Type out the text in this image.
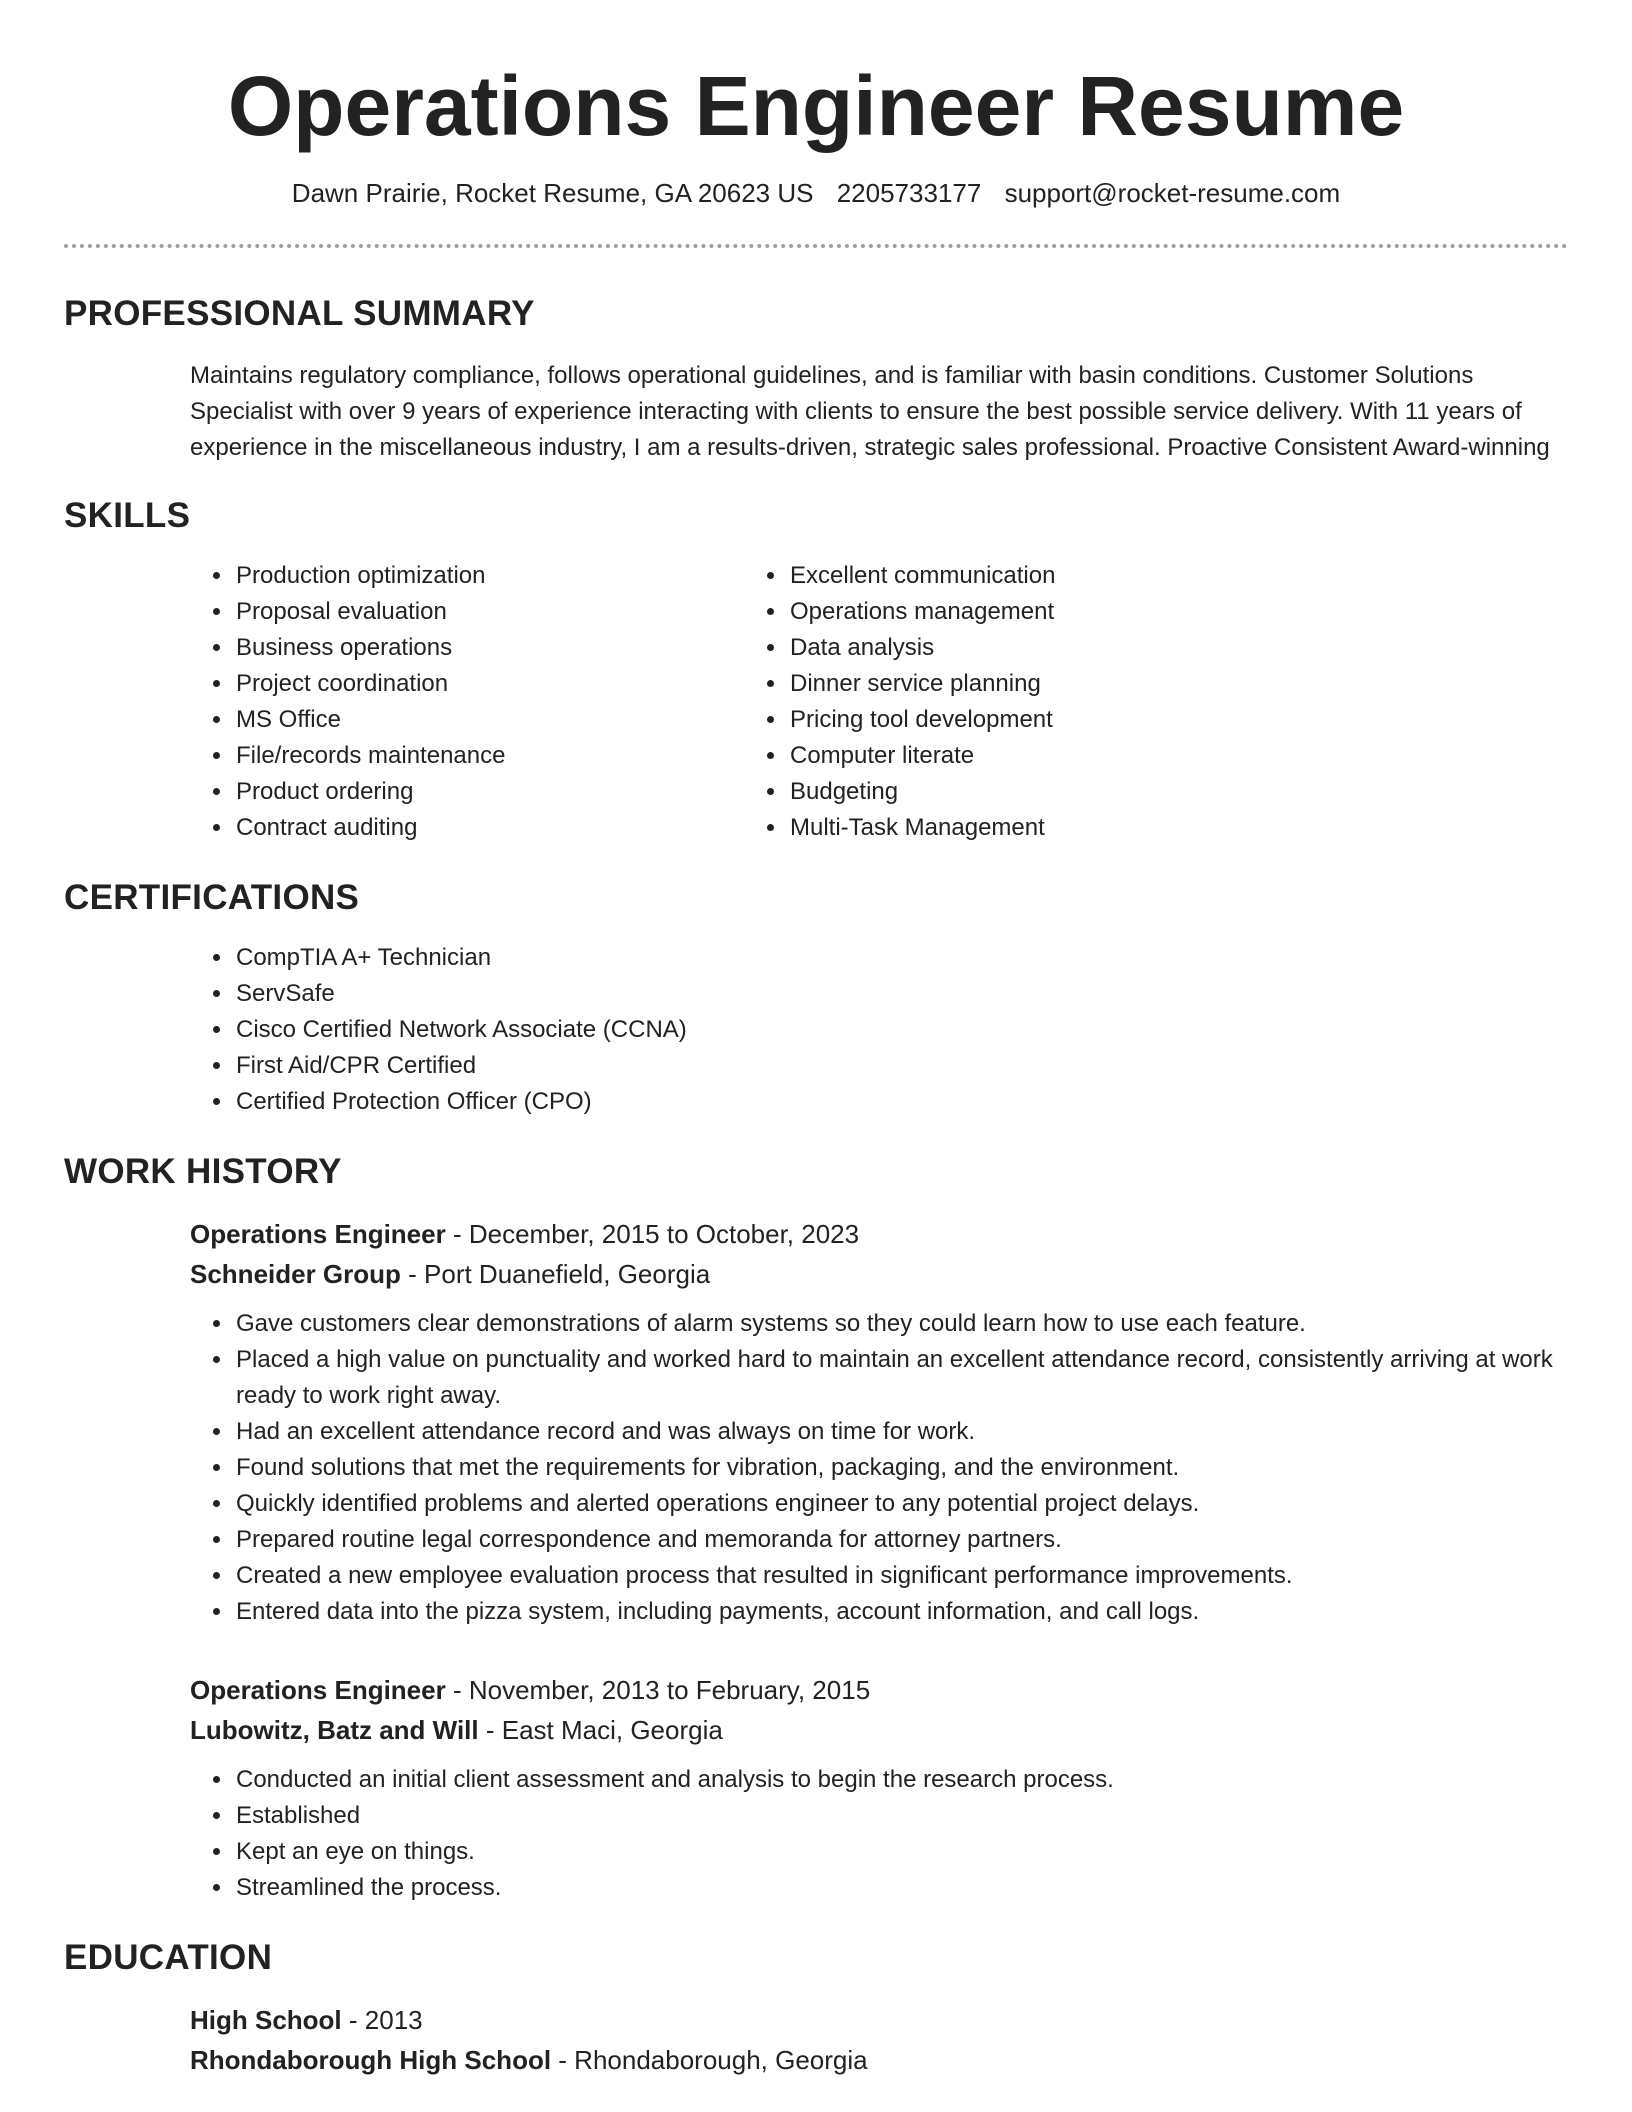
Operations Engineer Resume
Dawn Prairie, Rocket Resume, GA 20623 US 2205733177 support@rocket-resume.com
PROFESSIONAL SUMMARY
Maintains regulatory compliance, follows operational guidelines, and is familiar with basin conditions. Customer Solutions Specialist with over 9 years of experience interacting with clients to ensure the best possible service delivery. With 11 years of experience in the miscellaneous industry, I am a results-driven, strategic sales professional. Proactive Consistent Award-winning
SKILLS
• Production optimization
• Proposal evaluation
• Business operations
• Project coordination
• MS Office
• File/records maintenance
• Product ordering
• Contract auditing
• Excellent communication
• Operations management
• Data analysis
• Dinner service planning
• Pricing tool development
• Computer literate
• Budgeting
• Multi-Task Management
CERTIFICATIONS
• CompTIA A+ Technician
• ServSafe
• Cisco Certified Network Associate (CCNA)
• First Aid/CPR Certified
• Certified Protection Officer (CPO)
WORK HISTORY
Operations Engineer - December, 2015 to October, 2023
Schneider Group - Port Duanefield, Georgia
• Gave customers clear demonstrations of alarm systems so they could learn how to use each feature.
• Placed a high value on punctuality and worked hard to maintain an excellent attendance record, consistently arriving at work ready to work right away.
• Had an excellent attendance record and was always on time for work.
• Found solutions that met the requirements for vibration, packaging, and the environment.
• Quickly identified problems and alerted operations engineer to any potential project delays.
• Prepared routine legal correspondence and memoranda for attorney partners.
• Created a new employee evaluation process that resulted in significant performance improvements.
• Entered data into the pizza system, including payments, account information, and call logs.
Operations Engineer - November, 2013 to February, 2015
Lubowitz, Batz and Will - East Maci, Georgia
• Conducted an initial client assessment and analysis to begin the research process.
• Established
• Kept an eye on things.
• Streamlined the process.
EDUCATION
High School - 2013
Rhondaborough High School - Rhondaborough, Georgia
